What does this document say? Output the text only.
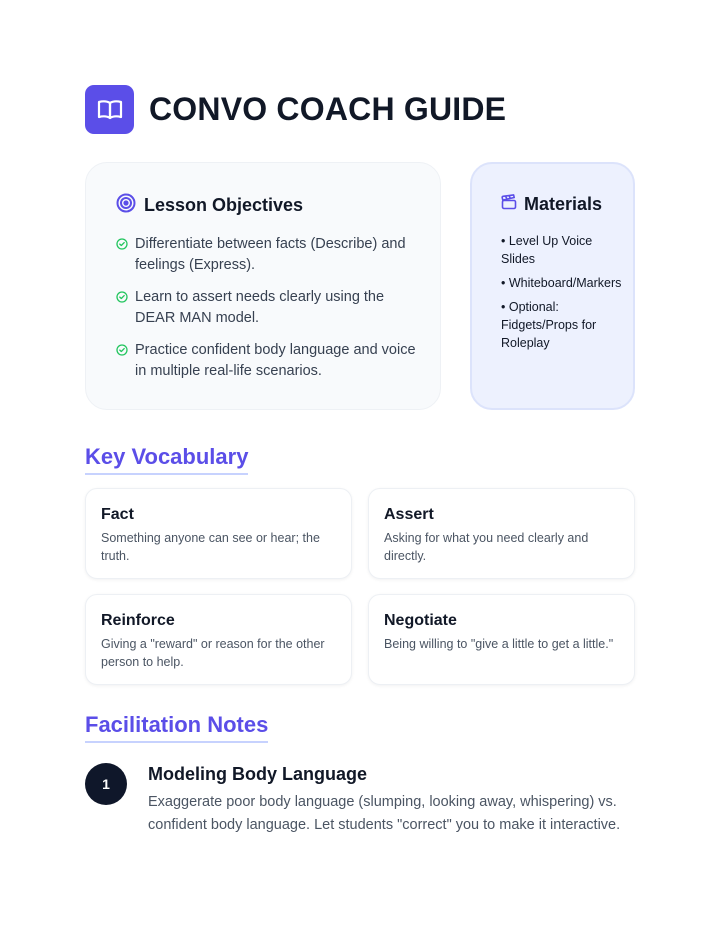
CONVO COACH GUIDE
Lesson Objectives
Differentiate between facts (Describe) and feelings (Express).
Learn to assert needs clearly using the DEAR MAN model.
Practice confident body language and voice in multiple real-life scenarios.
Materials
• Level Up Voice Slides
• Whiteboard/Markers
• Optional: Fidgets/Props for Roleplay
Key Vocabulary
Fact

Something anyone can see or hear; the truth.

Assert

Asking for what you need clearly and directly.

Reinforce

Giving a "reward" or reason for the other person to help.

Negotiate

Being willing to "give a little to get a little."

Facilitation Notes
1	Modeling Body Language

Exaggerate poor body language (slumping, looking away, whispering) vs. confident body language. Let students "correct" you to make it interactive.
